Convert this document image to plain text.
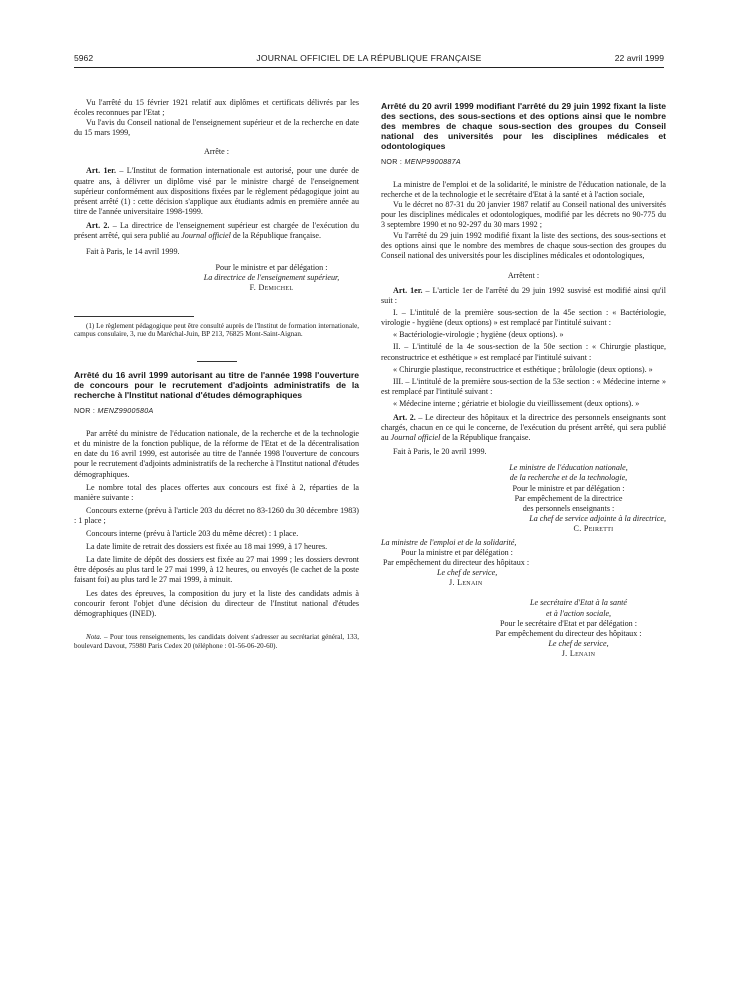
5962	JOURNAL OFFICIEL DE LA RÉPUBLIQUE FRANÇAISE	22 avril 1999

Vu l'arrêté du 15 février 1921 relatif aux diplômes et certificats délivrés par les écoles reconnues par l'Etat ;

Vu l'avis du Conseil national de l'enseignement supérieur et de la recherche en date du 15 mars 1999,

Arrête :

Art. 1er. – L'Institut de formation internationale est autorisé, pour une durée de quatre ans, à délivrer un diplôme visé par le ministre chargé de l'enseignement supérieur conformément aux dispositions fixées par le règlement pédagogique joint au présent arrêté (1) : cette décision s'applique aux étudiants admis en première année au titre de l'année universitaire 1998-1999.

Art. 2. – La directrice de l'enseignement supérieur est chargée de l'exécution du présent arrêté, qui sera publié au Journal officiel de la République française.

Fait à Paris, le 14 avril 1999.

Pour le ministre et par délégation :

La directrice de l'enseignement supérieur,

F. Demichel

(1) Le règlement pédagogique peut être consulté auprès de l'Institut de formation internationale, campus consulaire, 3, rue du Maréchal-Juin, BP 213, 76825 Mont-Saint-Aignan.

Arrêté du 16 avril 1999 autorisant au titre de l'année 1998 l'ouverture de concours pour le recrutement d'adjoints administratifs de la recherche à l'Institut national d'études démographiques

NOR : MENZ9900580A

Par arrêté du ministre de l'éducation nationale, de la recherche et de la technologie et du ministre de la fonction publique, de la réforme de l'Etat et de la décentralisation en date du 16 avril 1999, est autorisée au titre de l'année 1998 l'ouverture de concours pour le recrutement d'adjoints administratifs de la recherche à l'Institut national d'études démographiques.

Le nombre total des places offertes aux concours est fixé à 2, réparties de la manière suivante :

Concours externe (prévu à l'article 203 du décret no 83-1260 du 30 décembre 1983) : 1 place ;

Concours interne (prévu à l'article 203 du même décret) : 1 place.

La date limite de retrait des dossiers est fixée au 18 mai 1999, à 17 heures.

La date limite de dépôt des dossiers est fixée au 27 mai 1999 ; les dossiers devront être déposés au plus tard le 27 mai 1999, à 12 heures, ou envoyés (le cachet de la poste faisant foi) au plus tard le 27 mai 1999, à minuit.

Les dates des épreuves, la composition du jury et la liste des candidats admis à concourir feront l'objet d'une décision du directeur de l'Institut national d'études démographiques (INED).

Nota. – Pour tous renseignements, les candidats doivent s'adresser au secrétariat général, 133, boulevard Davout, 75980 Paris Cedex 20 (téléphone : 01-56-06-20-60).

Arrêté du 20 avril 1999 modifiant l'arrêté du 29 juin 1992 fixant la liste des sections, des sous-sections et des options ainsi que le nombre des membres de chaque sous-section des groupes du Conseil national des universités pour les disciplines médicales et odontologiques

NOR : MENP9900887A

La ministre de l'emploi et de la solidarité, le ministre de l'éducation nationale, de la recherche et de la technologie et le secrétaire d'Etat à la santé et à l'action sociale,

Vu le décret no 87-31 du 20 janvier 1987 relatif au Conseil national des universités pour les disciplines médicales et odontologiques, modifié par les décrets no 90-775 du 3 septembre 1990 et no 92-297 du 30 mars 1992 ;

Vu l'arrêté du 29 juin 1992 modifié fixant la liste des sections, des sous-sections et des options ainsi que le nombre des membres de chaque sous-section des groupes du Conseil national des universités pour les disciplines médicales et odontologiques,

Arrêtent :

Art. 1er. – L'article 1er de l'arrêté du 29 juin 1992 susvisé est modifié ainsi qu'il suit :

I. – L'intitulé de la première sous-section de la 45e section : « Bactériologie, virologie - hygiène (deux options) » est remplacé par l'intitulé suivant :

« Bactériologie-virologie ; hygiène (deux options). »

II. – L'intitulé de la 4e sous-section de la 50e section : « Chirurgie plastique, reconstructrice et esthétique » est remplacé par l'intitulé suivant :

« Chirurgie plastique, reconstructrice et esthétique ; brûlologie (deux options). »

III. – L'intitulé de la première sous-section de la 53e section : « Médecine interne » est remplacé par l'intitulé suivant :

« Médecine interne ; gériatrie et biologie du vieillissement (deux options). »

Art. 2. – Le directeur des hôpitaux et la directrice des personnels enseignants sont chargés, chacun en ce qui le concerne, de l'exécution du présent arrêté, qui sera publié au Journal officiel de la République française.

Fait à Paris, le 20 avril 1999.

Le ministre de l'éducation nationale,

de la recherche et de la technologie,

Pour le ministre et par délégation :

Par empêchement de la directrice

des personnels enseignants :

La chef de service adjointe à la directrice,

C. Peiretti

La ministre de l'emploi et de la solidarité,

Pour la ministre et par délégation :

Par empêchement du directeur des hôpitaux :

Le chef de service,

J. Lenain

Le secrétaire d'Etat à la santé

et à l'action sociale,

Pour le secrétaire d'Etat et par délégation :

Par empêchement du directeur des hôpitaux :

Le chef de service,

J. Lenain
